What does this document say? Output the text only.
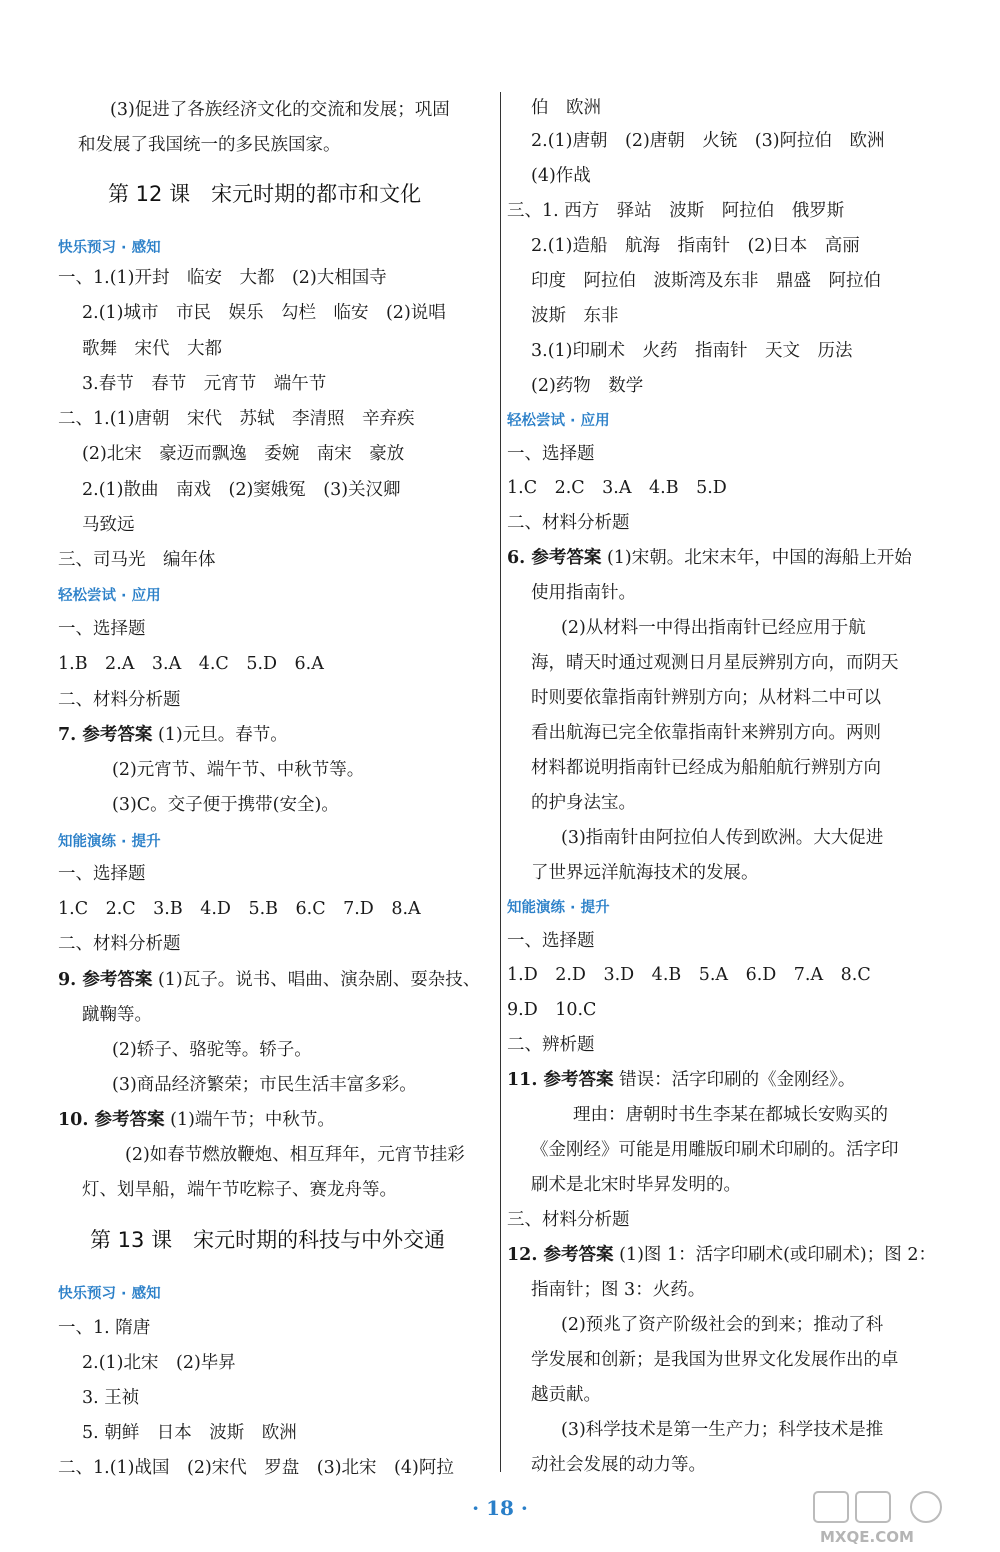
(3)促进了各族经济文化的交流和发展；巩固
和发展了我国统一的多民族国家。
第 12 课　宋元时期的都市和文化
快乐预习 · 感知
一、1.(1)开封　临安　大都　(2)大相国寺
2.(1)城市　市民　娱乐　勾栏　临安　(2)说唱
歌舞　宋代　大都
3.春节　春节　元宵节　端午节
二、1.(1)唐朝　宋代　苏轼　李清照　辛弃疾
(2)北宋　豪迈而飘逸　委婉　南宋　豪放
2.(1)散曲　南戏　(2)窦娥冤　(3)关汉卿
马致远
三、司马光　编年体
轻松尝试 · 应用
一、选择题
1.B　2.A　3.A　4.C　5.D　6.A
二、材料分析题
7. 参考答案 (1)元旦。春节。
(2)元宵节、端午节、中秋节等。
(3)C。交子便于携带(安全)。
知能演练 · 提升
一、选择题
1.C　2.C　3.B　4.D　5.B　6.C　7.D　8.A
二、材料分析题
9. 参考答案 (1)瓦子。说书、唱曲、演杂剧、耍杂技、
蹴鞠等。
(2)轿子、骆驼等。轿子。
(3)商品经济繁荣；市民生活丰富多彩。
10. 参考答案 (1)端午节；中秋节。
(2)如春节燃放鞭炮、相互拜年，元宵节挂彩
灯、划旱船，端午节吃粽子、赛龙舟等。
第 13 课　宋元时期的科技与中外交通
快乐预习 · 感知
一、1. 隋唐
2.(1)北宋　(2)毕昇
3. 王祯
5. 朝鲜　日本　波斯　欧洲
二、1.(1)战国　(2)宋代　罗盘　(3)北宋　(4)阿拉
伯　欧洲
2.(1)唐朝　(2)唐朝　火铳　(3)阿拉伯　欧洲
(4)作战
三、1. 西方　驿站　波斯　阿拉伯　俄罗斯
2.(1)造船　航海　指南针　(2)日本　高丽
印度　阿拉伯　波斯湾及东非　鼎盛　阿拉伯
波斯　东非
3.(1)印刷术　火药　指南针　天文　历法
(2)药物　数学
轻松尝试 · 应用
一、选择题
1.C　2.C　3.A　4.B　5.D
二、材料分析题
6. 参考答案 (1)宋朝。北宋末年，中国的海船上开始
使用指南针。
(2)从材料一中得出指南针已经应用于航
海，晴天时通过观测日月星辰辨别方向，而阴天
时则要依靠指南针辨别方向；从材料二中可以
看出航海已完全依靠指南针来辨别方向。两则
材料都说明指南针已经成为船舶航行辨别方向
的护身法宝。
(3)指南针由阿拉伯人传到欧洲。大大促进
了世界远洋航海技术的发展。
知能演练 · 提升
一、选择题
1.D　2.D　3.D　4.B　5.A　6.D　7.A　8.C
9.D　10.C
二、辨析题
11. 参考答案 错误：活字印刷的《金刚经》。
理由：唐朝时书生李某在都城长安购买的
《金刚经》可能是用雕版印刷术印刷的。活字印
刷术是北宋时毕昇发明的。
三、材料分析题
12. 参考答案 (1)图 1：活字印刷术(或印刷术)；图 2：
指南针；图 3：火药。
(2)预兆了资产阶级社会的到来；推动了科
学发展和创新；是我国为世界文化发展作出的卓
越贡献。
(3)科学技术是第一生产力；科学技术是推
动社会发展的动力等。
· 18 ·
MXQE.COM
